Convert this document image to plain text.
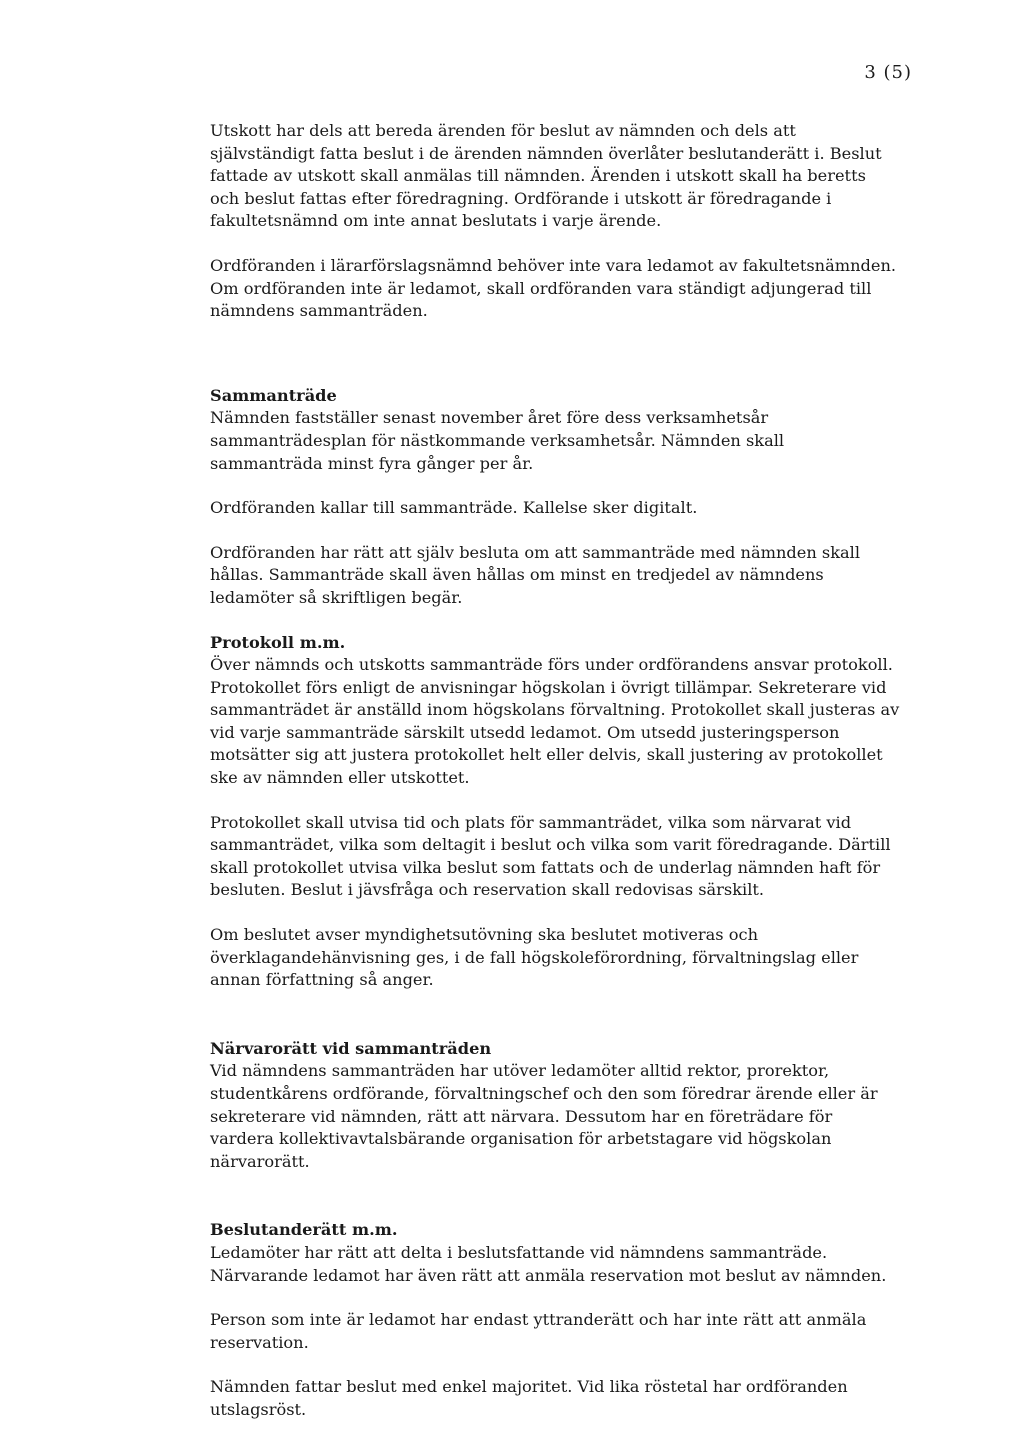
3 (5)

Utskott har dels att bereda ärenden för beslut av nämnden och dels att självständigt fatta beslut i de ärenden nämnden överlåter beslutanderätt i. Beslut fattade av utskott skall anmälas till nämnden. Ärenden i utskott skall ha beretts och beslut fattas efter föredragning. Ordförande i utskott är föredragande i fakultetsnämnd om inte annat beslutats i varje ärende.

Ordföranden i lärarförslagsnämnd behöver inte vara ledamot av fakultetsnämnden. Om ordföranden inte är ledamot, skall ordföranden vara ständigt adjungerad till nämndens sammanträden.

Sammanträde

Nämnden fastställer senast november året före dess verksamhetsår sammanträdesplan för nästkommande verksamhetsår. Nämnden skall sammanträda minst fyra gånger per år.

Ordföranden kallar till sammanträde. Kallelse sker digitalt.

Ordföranden har rätt att själv besluta om att sammanträde med nämnden skall hållas. Sammanträde skall även hållas om minst en tredjedel av nämndens ledamöter så skriftligen begär.

Protokoll m.m.

Över nämnds och utskotts sammanträde förs under ordförandens ansvar protokoll. Protokollet förs enligt de anvisningar högskolan i övrigt tillämpar. Sekreterare vid sammanträdet är anställd inom högskolans förvaltning. Protokollet skall justeras av vid varje sammanträde särskilt utsedd ledamot. Om utsedd justeringsperson motsätter sig att justera protokollet helt eller delvis, skall justering av protokollet ske av nämnden eller utskottet.

Protokollet skall utvisa tid och plats för sammanträdet, vilka som närvarat vid sammanträdet, vilka som deltagit i beslut och vilka som varit föredragande. Därtill skall protokollet utvisa vilka beslut som fattats och de underlag nämnden haft för besluten. Beslut i jävsfråga och reservation skall redovisas särskilt.

Om beslutet avser myndighetsutövning ska beslutet motiveras och överklagandehänvisning ges, i de fall högskoleförordning, förvaltningslag eller annan författning så anger.

Närvarorätt vid sammanträden

Vid nämndens sammanträden har utöver ledamöter alltid rektor, prorektor, studentkårens ordförande, förvaltningschef och den som föredrar ärende eller är sekreterare vid nämnden, rätt att närvara. Dessutom har en företrädare för vardera kollektivavtalsbärande organisation för arbetstagare vid högskolan närvarorätt.

Beslutanderätt m.m.

Ledamöter har rätt att delta i beslutsfattande vid nämndens sammanträde. Närvarande ledamot har även rätt att anmäla reservation mot beslut av nämnden.

Person som inte är ledamot har endast yttranderätt och har inte rätt att anmäla reservation.

Nämnden fattar beslut med enkel majoritet. Vid lika röstetal har ordföranden utslagsröst.
